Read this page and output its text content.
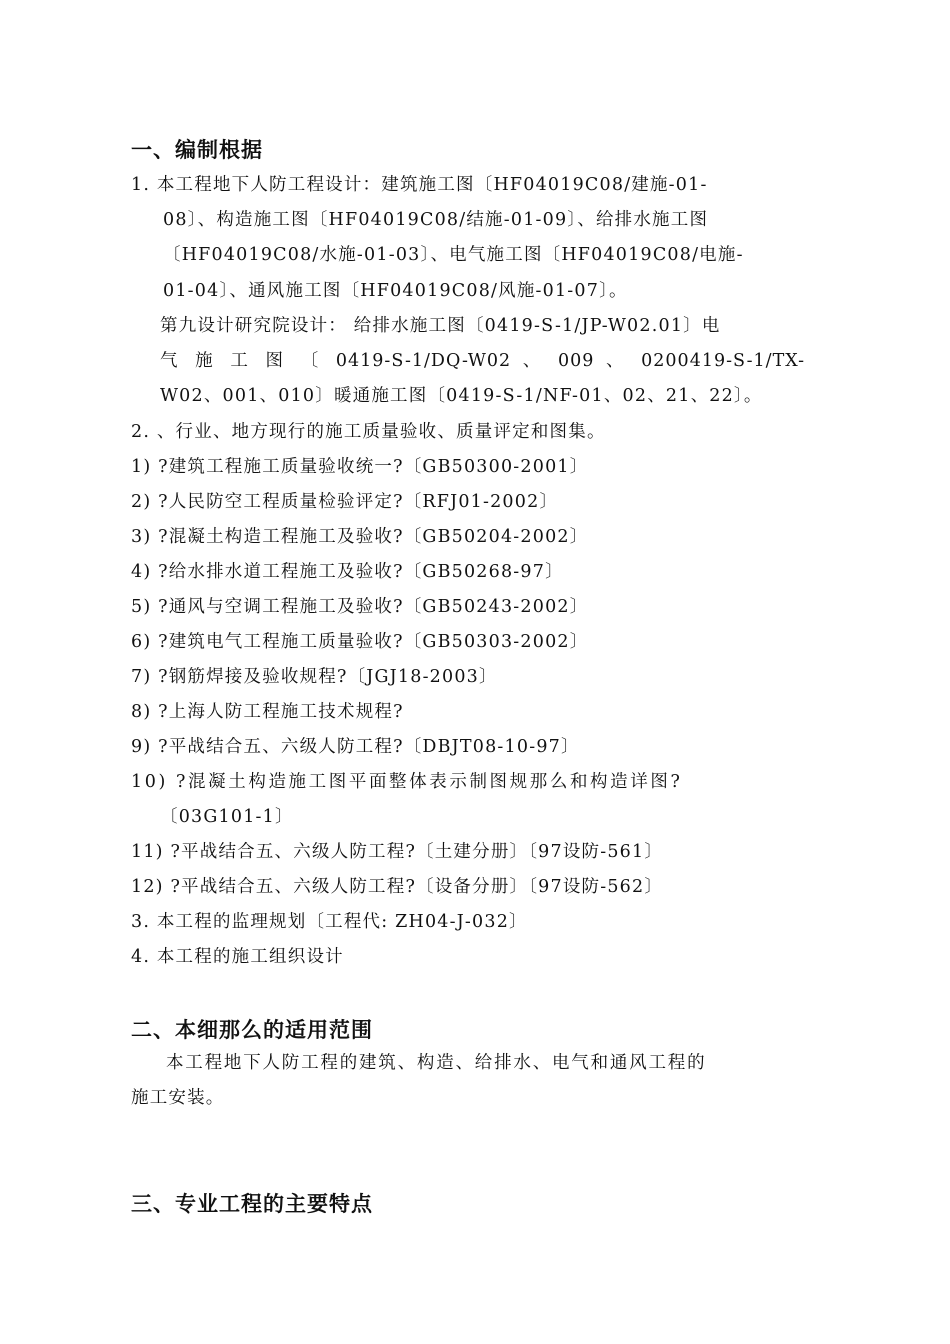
一、编制根据
1. 本工程地下人防工程设计：建筑施工图〔HF04019C08/建施-01-
08〕、构造施工图〔HF04019C08/结施-01-09〕、给排水施工图
〔HF04019C08/水施-01-03〕、电气施工图〔HF04019C08/电施-
01-04〕、通风施工图〔HF04019C08/风施-01-07〕。
第九设计研究院设计： 给排水施工图〔0419-S-1/JP-W02.01〕电
气 施 工 图 〔 0419-S-1/DQ-W02 、 009 、 0200419-S-1/TX-
W02、001、010〕暖通施工图〔0419-S-1/NF-01、02、21、22〕。
2. 、行业、地方现行的施工质量验收、质量评定和图集。
1) ?建筑工程施工质量验收统一?〔GB50300-2001〕
2) ?人民防空工程质量检验评定?〔RFJ01-2002〕
3) ?混凝土构造工程施工及验收?〔GB50204-2002〕
4) ?给水排水道工程施工及验收?〔GB50268-97〕
5) ?通风与空调工程施工及验收?〔GB50243-2002〕
6) ?建筑电气工程施工质量验收?〔GB50303-2002〕
7) ?钢筋焊接及验收规程?〔JGJ18-2003〕
8) ?上海人防工程施工技术规程?
9) ?平战结合五、六级人防工程?〔DBJT08-10-97〕
10) ?混凝土构造施工图平面整体表示制图规那么和构造详图?
〔03G101-1〕
11) ?平战结合五、六级人防工程?〔土建分册〕〔97设防-561〕
12) ?平战结合五、六级人防工程?〔设备分册〕〔97设防-562〕
3. 本工程的监理规划〔工程代: ZH04-J-032〕
4. 本工程的施工组织设计
二、本细那么的适用范围
本工程地下人防工程的建筑、构造、给排水、电气和通风工程的
施工安装。
三、专业工程的主要特点
